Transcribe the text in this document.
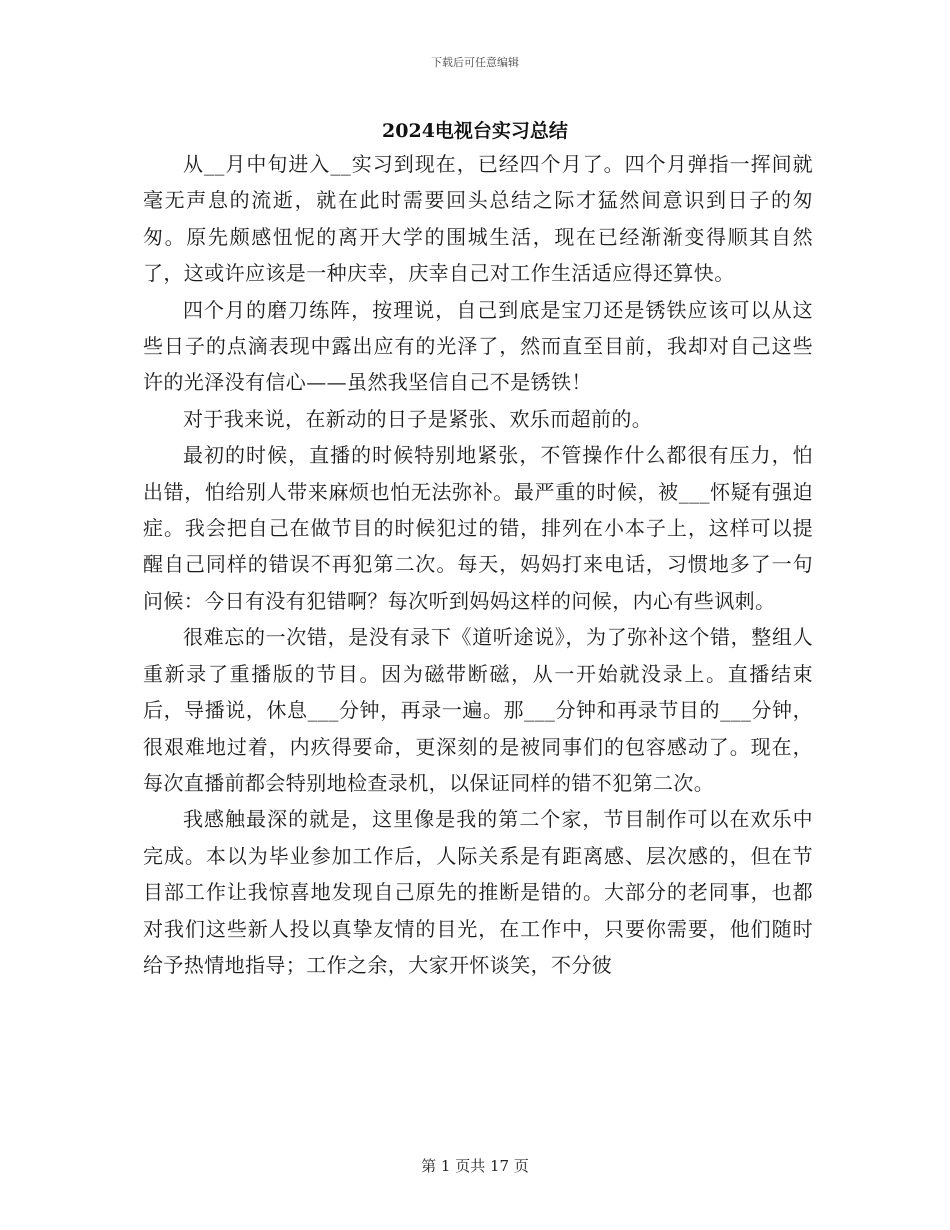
下载后可任意编辑
2024电视台实习总结

从__月中旬进入__实习到现在，已经四个月了。四个月弹指一挥间就毫无声息的流逝，就在此时需要回头总结之际才猛然间意识到日子的匆匆。原先颇感忸怩的离开大学的围城生活，现在已经渐渐变得顺其自然了，这或许应该是一种庆幸，庆幸自己对工作生活适应得还算快。

四个月的磨刀练阵，按理说，自己到底是宝刀还是锈铁应该可以从这些日子的点滴表现中露出应有的光泽了，然而直至目前，我却对自己这些许的光泽没有信心——虽然我坚信自己不是锈铁！

对于我来说，在新动的日子是紧张、欢乐而超前的。

最初的时候，直播的时候特别地紧张，不管操作什么都很有压力，怕出错，怕给别人带来麻烦也怕无法弥补。最严重的时候，被___怀疑有强迫症。我会把自己在做节目的时候犯过的错，排列在小本子上，这样可以提醒自己同样的错误不再犯第二次。每天，妈妈打来电话，习惯地多了一句问候：今日有没有犯错啊？每次听到妈妈这样的问候，内心有些讽刺。

很难忘的一次错，是没有录下《道听途说》，为了弥补这个错，整组人重新录了重播版的节目。因为磁带断磁，从一开始就没录上。直播结束后，导播说，休息___分钟，再录一遍。那___分钟和再录节目的___分钟，很艰难地过着，内疚得要命，更深刻的是被同事们的包容感动了。现在，每次直播前都会特别地检查录机，以保证同样的错不犯第二次。

我感触最深的就是，这里像是我的第二个家，节目制作可以在欢乐中完成。本以为毕业参加工作后，人际关系是有距离感、层次感的，但在节目部工作让我惊喜地发现自己原先的推断是错的。大部分的老同事，也都对我们这些新人投以真挚友情的目光，在工作中，只要你需要，他们随时给予热情地指导；工作之余，大家开怀谈笑，不分彼

第 1 页共 17 页
